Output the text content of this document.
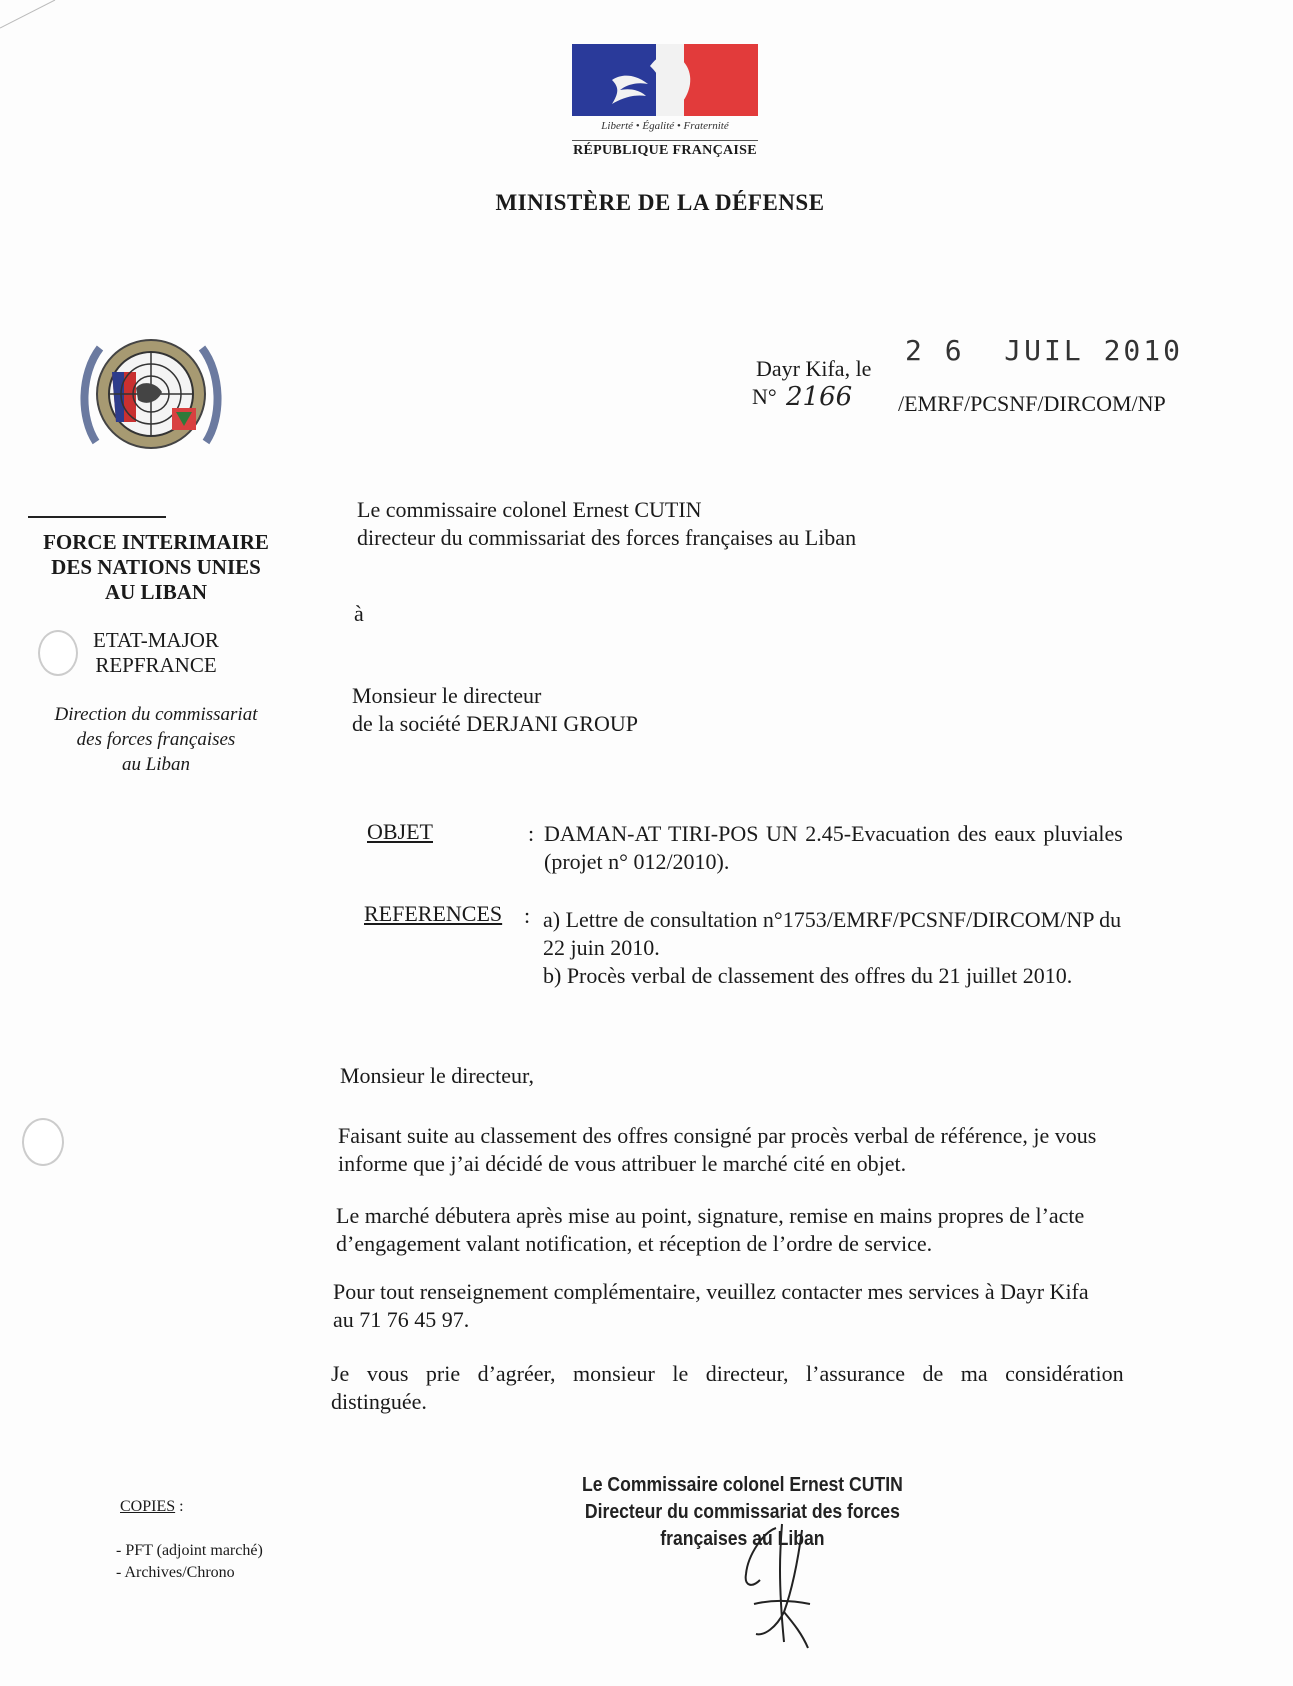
Liberté • Égalité • Fraternité
RÉPUBLIQUE FRANÇAISE
MINISTÈRE DE LA DÉFENSE
FORCE INTERIMAIRE
DES NATIONS UNIES
AU LIBAN
ETAT-MAJOR
REPFRANCE
Direction du commissariat
des forces françaises
au Liban
Dayr Kifa, le
2 6  JUIL 2010
N° 2166 /EMRF/PCSNF/DIRCOM/NP
Le commissaire colonel Ernest CUTIN
directeur du commissariat des forces françaises au Liban
à
Monsieur le directeur
de la société DERJANI GROUP
OBJET	: DAMAN-AT TIRI-POS UN 2.45-Evacuation des eaux pluviales
(projet n° 012/2010).
REFERENCES : a) Lettre de consultation n°1753/EMRF/PCSNF/DIRCOM/NP du
22 juin 2010.
b) Procès verbal de classement des offres du 21 juillet 2010.
Monsieur le directeur,
Faisant suite au classement des offres consigné par procès verbal de référence, je vous
informe que j’ai décidé de vous attribuer le marché cité en objet.
Le marché débutera après mise au point, signature, remise en mains propres de l’acte
d’engagement valant notification, et réception de l’ordre de service.
Pour tout renseignement complémentaire, veuillez contacter mes services à Dayr Kifa
au 71 76 45 97.
Je vous prie d’agréer, monsieur le directeur, l’assurance de ma considération
distinguée.
Le Commissaire colonel Ernest CUTIN
Directeur du commissariat des forces françaises au Liban
COPIES :
- PFT (adjoint marché)
- Archives/Chrono
